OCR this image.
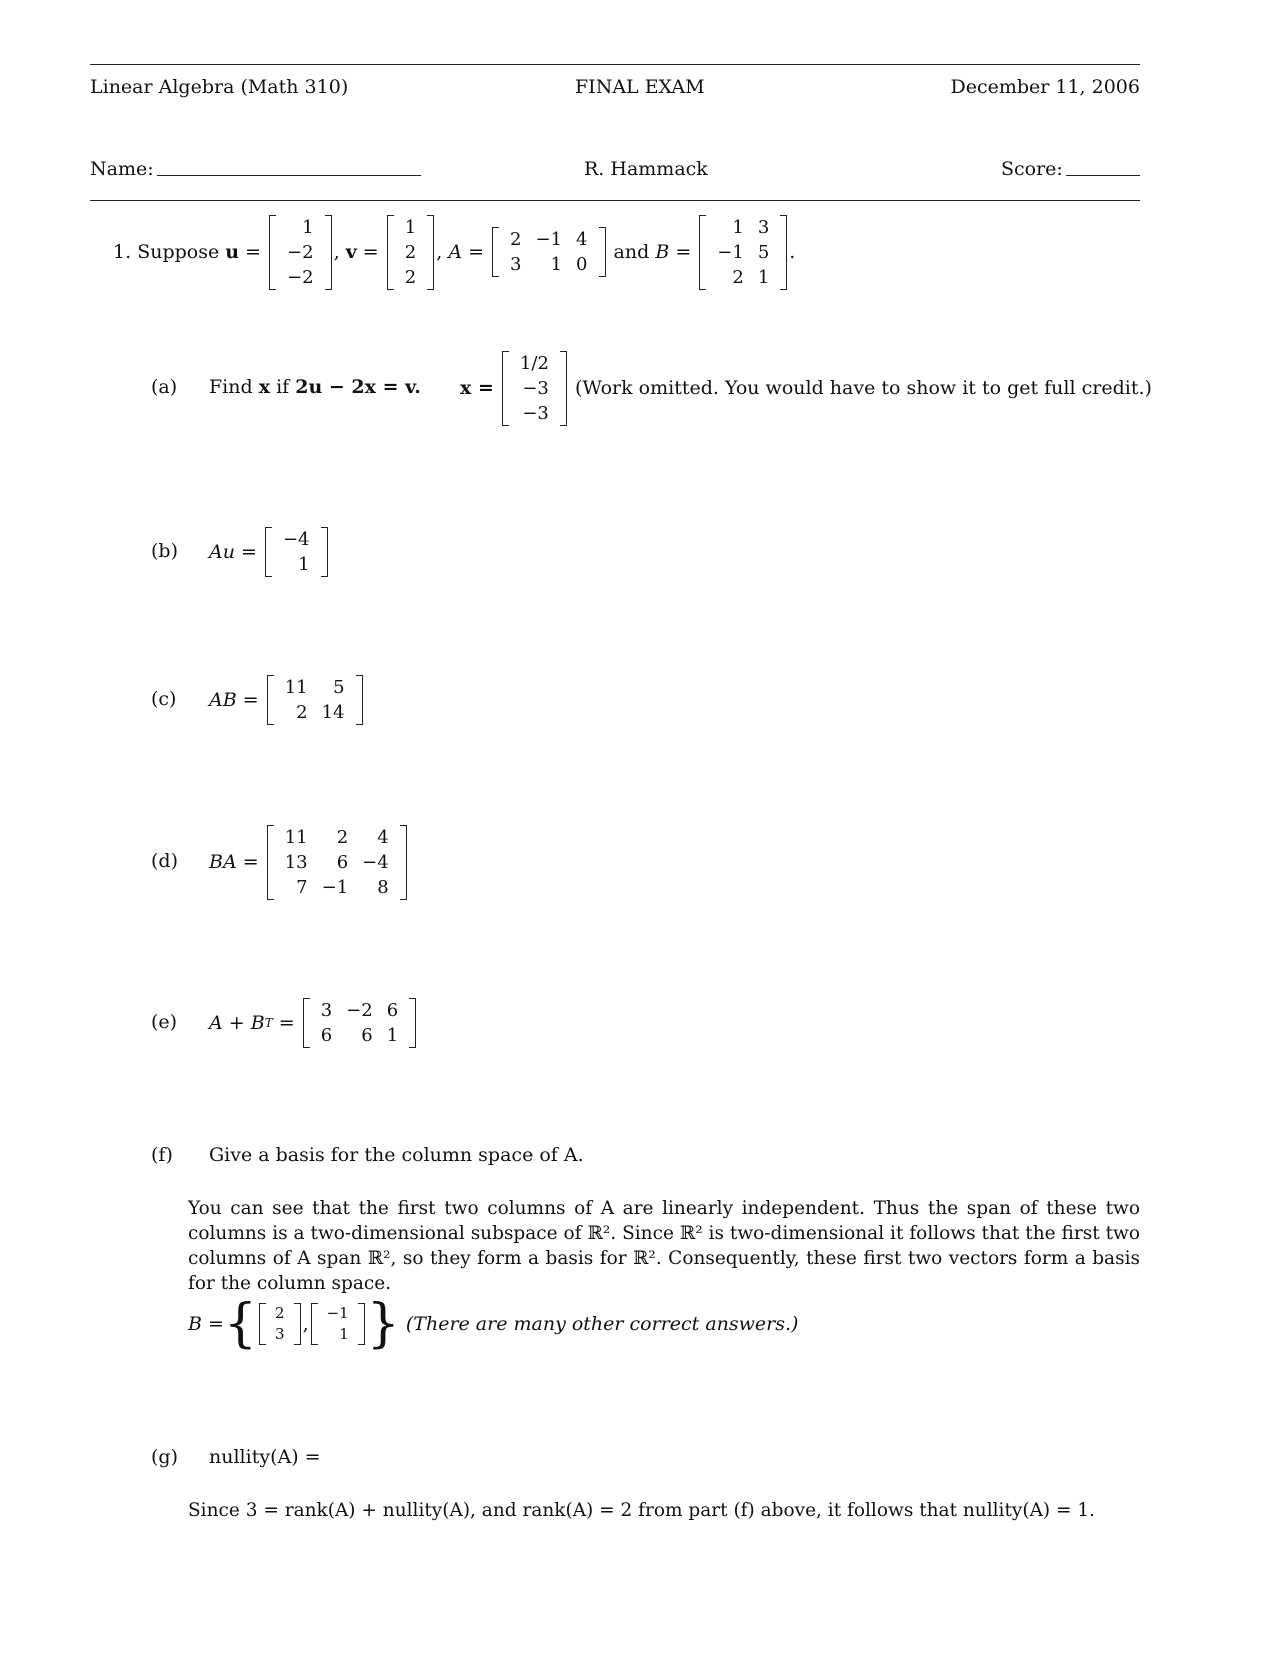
Linear Algebra (Math 310)	FINAL EXAM	December 11, 2006
Name:	R. Hammack	Score:
1.
Suppose
u =
1
−2
−2
, v =
1
2
2
, A =
2	−1	4
3	1	0

and
B =
1	3
−1	5
2	1
.
(a) Find x if 2u − 2x = v. x =

1/2
−3
−3

(Work omitted. You would have to show it to get full credit.)
(b) Au =

−4
1
(c) AB =

11	5
2	14
(d) BA =

11	2	4
13	6	−4
7	−1	8
(e) A + B T
=

3	−2	6
6	6	1
(f) Give a basis for the column space of A.
You can see that the first two columns of A are linearly independent. Thus the span of these two columns is a two-dimensional subspace of ℝ². Since ℝ² is two-dimensional it follows that the first two columns of A span ℝ², so they form a basis for ℝ². Consequently, these first two vectors form a basis for the column space.
B = { 2
3 , −1
1 }
(There are many other correct answers.)
(g) nullity(A) =
Since 3 = rank(A) + nullity(A), and rank(A) = 2 from part (f) above, it follows that nullity(A) = 1.
